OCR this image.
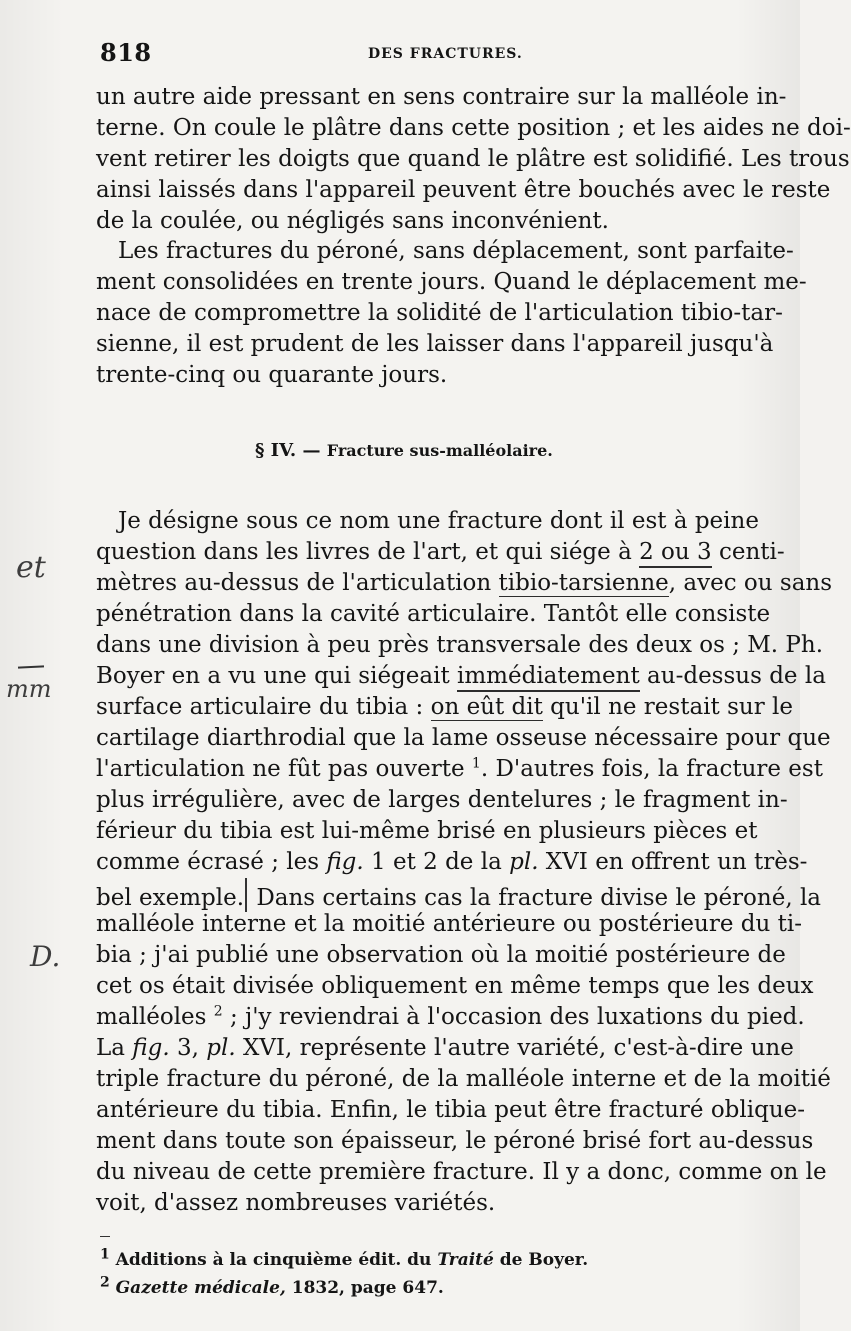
818	DES FRACTURES.
un autre aide pressant en sens contraire sur la malléole in-
terne. On coule le plâtre dans cette position ; et les aides ne doi-
vent retirer les doigts que quand le plâtre est solidifié. Les trous
ainsi laissés dans l'appareil peuvent être bouchés avec le reste
de la coulée, ou négligés sans inconvénient.
Les fractures du péroné, sans déplacement, sont parfaite-
ment consolidées en trente jours. Quand le déplacement me-
nace de compromettre la solidité de l'articulation tibio-tar-
sienne, il est prudent de les laisser dans l'appareil jusqu'à
trente-cinq ou quarante jours.
§ IV. — Fracture sus-malléolaire.
Je désigne sous ce nom une fracture dont il est à peine
question dans les livres de l'art, et qui siége à 2 ou 3 centi-
mètres au-dessus de l'articulation tibio-tarsienne, avec ou sans
pénétration dans la cavité articulaire. Tantôt elle consiste
dans une division à peu près transversale des deux os ; M. Ph.
Boyer en a vu une qui siégeait immédiatement au-dessus de la
surface articulaire du tibia : on eût dit qu'il ne restait sur le
cartilage diarthrodial que la lame osseuse nécessaire pour que
l'articulation ne fût pas ouverte $^1$. D'autres fois, la fracture est
plus irrégulière, avec de larges dentelures ; le fragment in-
férieur du tibia est lui-même brisé en plusieurs pièces et
comme écrasé ; les fig. 1 et 2 de la pl. XVI en offrent un très-
bel exemple. Dans certains cas la fracture divise le péroné, la
malléole interne et la moitié antérieure ou postérieure du ti-
bia ; j'ai publié une observation où la moitié postérieure de
cet os était divisée obliquement en même temps que les deux
malléoles $^2$ ; j'y reviendrai à l'occasion des luxations du pied.
La fig. 3, pl. XVI, représente l'autre variété, c'est-à-dire une
triple fracture du péroné, de la malléole interne et de la moitié
antérieure du tibia. Enfin, le tibia peut être fracturé oblique-
ment dans toute son épaisseur, le péroné brisé fort au-dessus
du niveau de cette première fracture. Il y a donc, comme on le
voit, d'assez nombreuses variétés.
$^1$ Additions à la cinquième édit. du Traité de Boyer.
$^2$ Gazette médicale, 1832, page 647.
et
mm
D.
